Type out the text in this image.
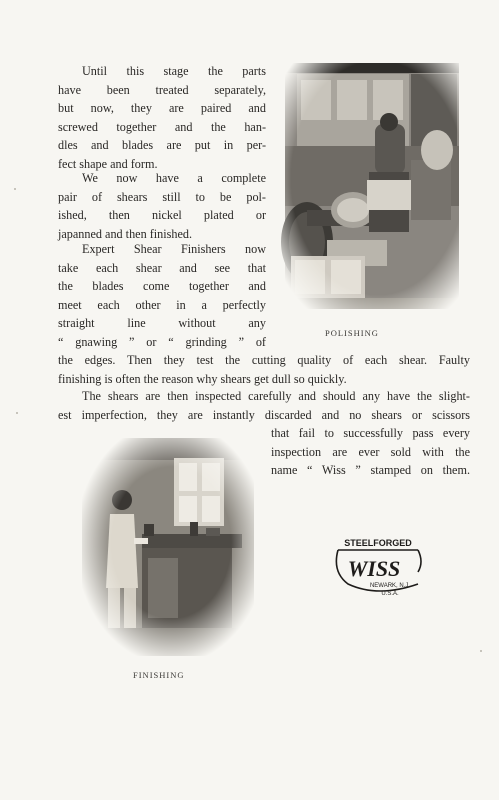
Until this stage the parts
have been treated separately,
but now, they are paired and
screwed together and the han-
dles and blades are put in per-
fect shape and form.
We now have a complete
pair of shears still to be pol-
ished, then nickel plated or
japanned and then finished.
Expert Shear Finishers now
take each shear and see that
the blades come together and
meet each other in a perfectly
straight line without any
“ gnawing ” or “ grinding ” of
the edges. Then they test the cutting quality of each shear. Faulty
finishing is often the reason why shears get dull so quickly.
The shears are then inspected carefully and should any have the slight-
est imperfection, they are instantly discarded and no shears or scissors
that fail to successfully pass every
inspection are ever sold with the
name “ Wiss ” stamped on them.
POLISHING
FINISHING
STEELFORGED
WISS
NEWARK, N.J.
U.S.A.
